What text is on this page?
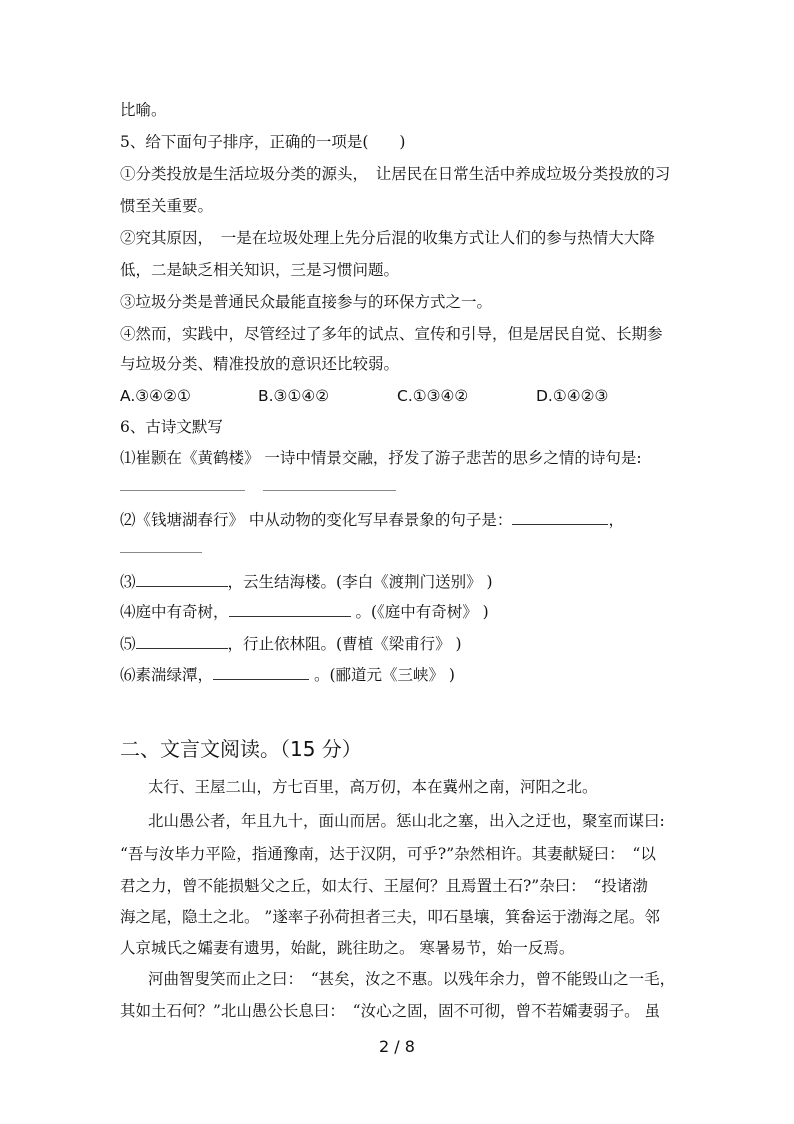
比喻。
5、给下面句子排序，正确的一项是(　　)
①分类投放是生活垃圾分类的源头，　让居民在日常生活中养成垃圾分类投放的习
惯至关重要。
②究其原因，　一是在垃圾处理上先分后混的收集方式让人们的参与热情大大降
低，二是缺乏相关知识，三是习惯问题。
③垃圾分类是普通民众最能直接参与的环保方式之一。
④然而，实践中，尽管经过了多年的试点、宣传和引导，但是居民自觉、长期参
与垃圾分类、精准投放的意识还比较弱。
A.③④②①	B.③①④②	C.①③④②	D.①④②③
6、古诗文默写
⑴崔颢在《黄鹤楼》 一诗中情景交融，抒发了游子悲苦的思乡之情的诗句是:
⑵《钱塘湖春行》 中从动物的变化写早春景象的句子是：	，
⑶	，云生结海楼。(李白《渡荆门送别》 )
⑷庭中有奇树，	。(《庭中有奇树》 )
⑸	，行止依林阻。(曹植《梁甫行》 )
⑹素湍绿潭，	。(郦道元《三峡》 )
二、文言文阅读。（15 分）
太行、王屋二山，方七百里，高万仞，本在冀州之南，河阳之北。
北山愚公者，年且九十，面山而居。惩山北之塞，出入之迂也，聚室而谋曰:
“吾与汝毕力平险，指通豫南，达于汉阴，可乎?”杂然相许。其妻献疑曰：　“以
君之力，曾不能损魁父之丘，如太行、王屋何？且焉置土石?”杂曰：　“投诸渤
海之尾，隐土之北。 ”遂率子孙荷担者三夫，叩石垦壤，箕畚运于渤海之尾。邻
人京城氏之孀妻有遗男，始龀，跳往助之。 寒暑易节，始一反焉。
河曲智叟笑而止之曰：　“甚矣，汝之不惠。以残年余力，曾不能毁山之一毛，
其如土石何？”北山愚公长息曰：　“汝心之固，固不可彻，曾不若孀妻弱子。 虽
2 / 8
